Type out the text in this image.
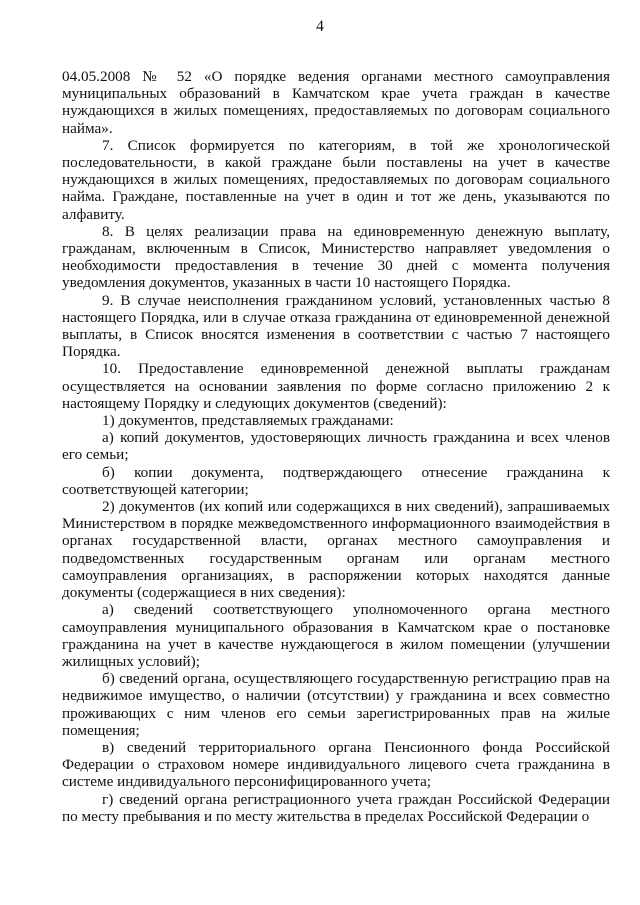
4

04.05.2008 № 52 «О порядке ведения органами местного самоуправления муниципальных образований в Камчатском крае учета граждан в качестве нуждающихся в жилых помещениях, предоставляемых по договорам социального найма».

7. Список формируется по категориям, в той же хронологической последовательности, в какой граждане были поставлены на учет в качестве нуждающихся в жилых помещениях, предоставляемых по договорам социального найма. Граждане, поставленные на учет в один и тот же день, указываются по алфавиту.

8. В целях реализации права на единовременную денежную выплату, гражданам, включенным в Список, Министерство направляет уведомления о необходимости предоставления в течение 30 дней с момента получения уведомления документов, указанных в части 10 настоящего Порядка.

9. В случае неисполнения гражданином условий, установленных частью 8 настоящего Порядка, или в случае отказа гражданина от единовременной денежной выплаты, в Список вносятся изменения в соответствии с частью 7 настоящего Порядка.

10. Предоставление единовременной денежной выплаты гражданам осуществляется на основании заявления по форме согласно приложению 2 к настоящему Порядку и следующих документов (сведений):

1) документов, представляемых гражданами:

а) копий документов, удостоверяющих личность гражданина и всех членов его семьи;

б) копии документа, подтверждающего отнесение гражданина к соответствующей категории;

2) документов (их копий или содержащихся в них сведений), запрашиваемых Министерством в порядке межведомственного информационного взаимодействия в органах государственной власти, органах местного самоуправления и подведомственных государственным органам или органам местного самоуправления организациях, в распоряжении которых находятся данные документы (содержащиеся в них сведения):

а) сведений соответствующего уполномоченного органа местного самоуправления муниципального образования в Камчатском крае о постановке гражданина на учет в качестве нуждающегося в жилом помещении (улучшении жилищных условий);

б) сведений органа, осуществляющего государственную регистрацию прав на недвижимое имущество, о наличии (отсутствии) у гражданина и всех совместно проживающих с ним членов его семьи зарегистрированных прав на жилые помещения;

в) сведений территориального органа Пенсионного фонда Российской Федерации о страховом номере индивидуального лицевого счета гражданина в системе индивидуального персонифицированного учета;

г) сведений органа регистрационного учета граждан Российской Федерации по месту пребывания и по месту жительства в пределах Российской Федерации о
